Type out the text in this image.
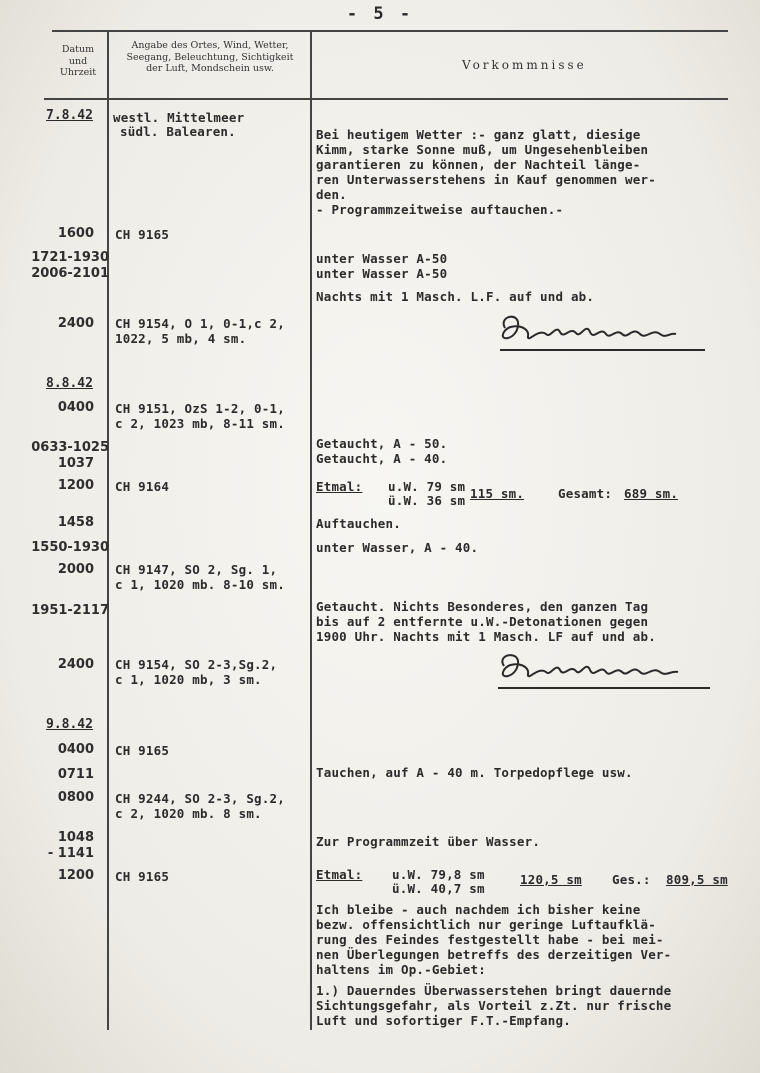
- 5 -
Datum
und
Uhrzeit
Angabe des Ortes, Wind, Wetter,
Seegang, Beleuchtung, Sichtigkeit
der Luft, Mondschein usw.	Vorkommnisse
7.8.42
1600
1721-1930
2006-2101
2400
8.8.42
0400
0633-1025
1037
1200
1458
1550-1930
2000
1951-2117
2400
9.8.42
0400
0711
0800
1048
- 1141
1200
westl. Mittelmeer
südl. Balearen.
CH 9165
CH 9154, O 1, 0-1,c 2,
1022, 5 mb, 4 sm.
CH 9151, OzS 1-2, 0-1,
c 2, 1023 mb, 8-11 sm.
CH 9164
CH 9147, SO 2, Sg. 1,
c 1, 1020 mb. 8-10 sm.
CH 9154, SO 2-3,Sg.2,
c 1, 1020 mb, 3 sm.
CH 9165
CH 9244, SO 2-3, Sg.2,
c 2, 1020 mb. 8 sm.
CH 9165
Bei heutigem Wetter :- ganz glatt, diesige
Kimm, starke Sonne muß, um Ungesehenbleiben
garantieren zu können, der Nachteil länge-
ren Unterwasserstehens in Kauf genommen wer-
den.
- Programmzeitweise auftauchen.-
unter Wasser A-50
unter Wasser A-50
Nachts mit 1 Masch. L.F. auf und ab.
Getaucht, A - 50.
Getaucht, A - 40.
Etmal: u.W. 79 sm
ü.W. 36 sm 115 sm.	Gesamt: 689 sm.
Auftauchen.
unter Wasser, A - 40.
Getaucht. Nichts Besonderes, den ganzen Tag
bis auf 2 entfernte u.W.-Detonationen gegen
1900 Uhr. Nachts mit 1 Masch. LF auf und ab.
Tauchen, auf A - 40 m. Torpedopflege usw.
Zur Programmzeit über Wasser.
Etmal: u.W. 79,8 sm
ü.W. 40,7 sm
120,5 sm Ges.: 809,5 sm
Ich bleibe - auch nachdem ich bisher keine
bezw. offensichtlich nur geringe Luftaufklä-
rung des Feindes festgestellt habe - bei mei-
nen Überlegungen betreffs des derzeitigen Ver-
haltens im Op.-Gebiet:
1.) Dauerndes Überwasserstehen bringt dauernde
Sichtungsgefahr, als Vorteil z.Zt. nur frische
Luft und sofortiger F.T.-Empfang.
